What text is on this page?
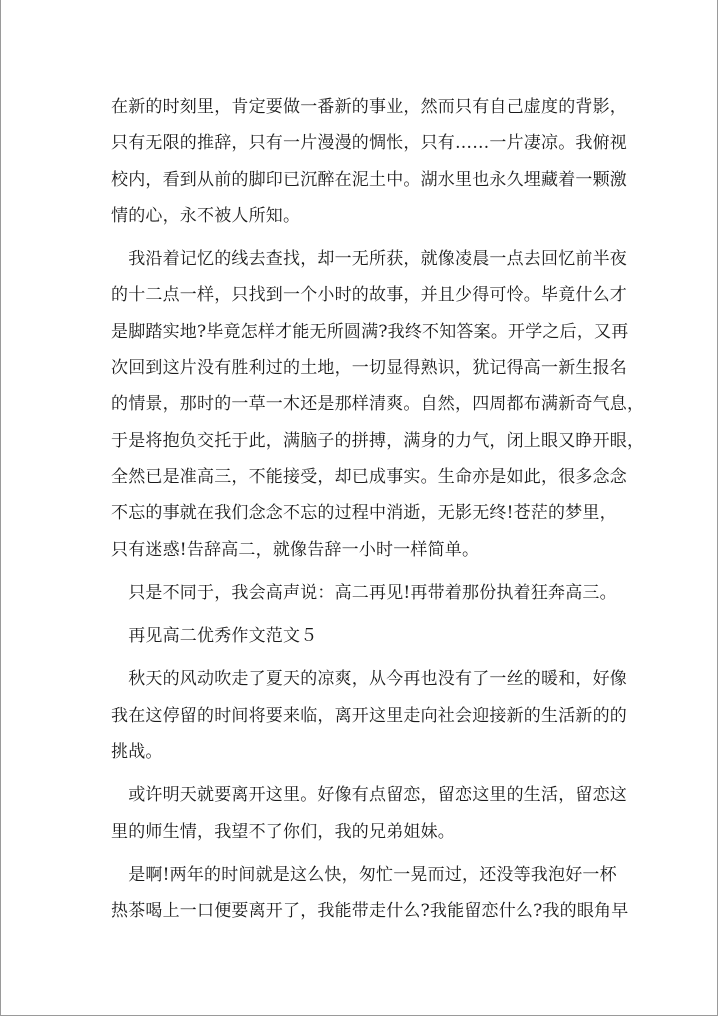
在新的时刻里，肯定要做一番新的事业，然而只有自己虚度的背影，
只有无限的推辞，只有一片漫漫的惆怅，只有……一片凄凉。我俯视
校内，看到从前的脚印已沉醉在泥土中。湖水里也永久埋藏着一颗激
情的心，永不被人所知。
　我沿着记忆的线去查找，却一无所获，就像凌晨一点去回忆前半夜
的十二点一样，只找到一个小时的故事，并且少得可怜。毕竟什么才
是脚踏实地?毕竟怎样才能无所圆满?我终不知答案。开学之后，又再
次回到这片没有胜利过的土地，一切显得熟识，犹记得高一新生报名
的情景，那时的一草一木还是那样清爽。自然，四周都布满新奇气息，
于是将抱负交托于此，满脑子的拼搏，满身的力气，闭上眼又睁开眼，
全然已是准高三，不能接受，却已成事实。生命亦是如此，很多念念
不忘的事就在我们念念不忘的过程中消逝，无影无终!苍茫的梦里，
只有迷惑!告辞高二，就像告辞一小时一样简单。
　只是不同于，我会高声说：高二再见!再带着那份执着狂奔高三。
　再见高二优秀作文范文５
　秋天的风动吹走了夏天的凉爽，从今再也没有了一丝的暖和，好像
我在这停留的时间将要来临，离开这里走向社会迎接新的生活新的的
挑战。
　或许明天就要离开这里。好像有点留恋，留恋这里的生活，留恋这
里的师生情，我望不了你们，我的兄弟姐妹。
　是啊!两年的时间就是这么快，匆忙一晃而过，还没等我泡好一杯
热茶喝上一口便要离开了，我能带走什么?我能留恋什么?我的眼角早
